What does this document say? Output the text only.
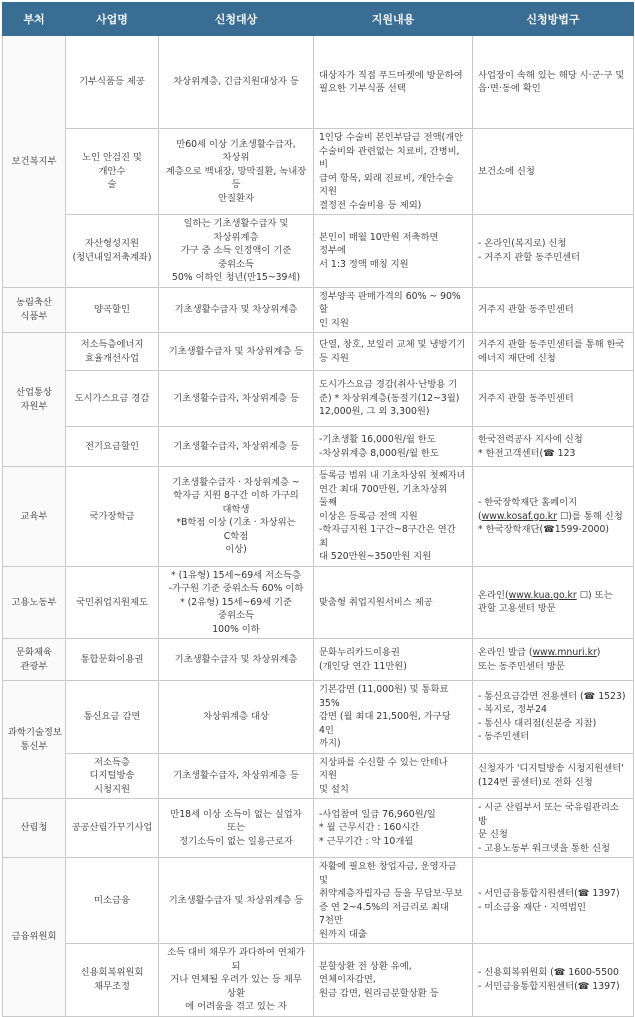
부처	사업명	신청대상	지원내용	신청방법구

보건복지부	기부식품등 제공	차상위계층, 긴급지원대상자 등	대상자가 직접 푸드마켓에 방문하여
필요한 기부식품 선택	사업장이 속해 있는 해당 시·군·구 및
읍·면·동에 확인

	노인 안검진 및 개안수
술	만60세 이상 기초생활수급자, 차상위
계층으로 백내장, 망막질환, 녹내장 등
안질환자	1인당 수술비 본인부담금 전액(개안
수술비와 관련없는 치료비, 간병비, 비
급여 항목, 외래 진료비, 개안수술 지원
결정전 수술비용 등 제외)	보건소에 신청

	자산형성지원
(청년내일저축계좌)	일하는 기초생활수급자 및 차상위계층
가구 중 소득 인정액이 기준 중위소득
50% 이하인 청년(만15~39세)	본인이 매월 10만원 저축하면 정부에
서 1:3 정액 매칭 지원	- 온라인(복지로) 신청
- 거주지 관할 동주민센터

농림축산
식품부	양곡할인	기초생활수급자 및 차상위계층	정부양곡 판매가격의 60% ~ 90% 할
인 지원	거주지 관할 동주민센터

산업통상
자원부	저소득층에너지
효율개선사업	기초생활수급자 및 차상위계층 등	단열, 창호, 보일러 교체 및 냉방기기
등 지원	거주지 관할 동주민센터를 통해 한국
에너지 재단에 신청

	도시가스요금 경감	기초생활수급자, 차상위계층 등	도시가스요금 경감(취사·난방용 기
준) * 차상위계층(동절기(12~3월)
12,000원, 그 외 3,300원)	거주지 관할 동주민센터

	전기요금할인	기초생활수급자, 차상위계층 등	-기초생활 16,000원/월 한도
-차상위계층 8,000원/월 한도	한국전력공사 지사에 신청
* 한전고객센터(☎ 123

교육부	국가장학금	기초생활수급자 · 차상위계층 ~
학자금 지원 8구간 이하 가구의 대학생
*B학점 이상 (기초 · 차상위는 C학점
이상)	등록금 범위 내 기초차상위 첫째자녀
연간 최대 700만원, 기초차상위 둘째
이상은 등록금 전액 지원
-학자금지원 1구간~8구간은 연간 최
대 520만원~350만원 지원	- 한국장학재단 홈페이지
(www.kosaf.go.kr ☐)를 통해 신청
* 한국장학재단(☎1599-2000)

고용노동부	국민취업지원제도	* (1유형) 15세~69세 저소득층
-가구원 기준 중위소득 60% 이하
* (2유형) 15세~69세 기준 중위소득
100% 이하	맞춤형 취업지원서비스 제공	온라인(www.kua.go.kr ☐) 또는
관할 고용센터 방문

문화체육
관광부	통합문화이용권	기초생활수급자 및 차상위계층	문화누리카드이용권
(개인당 연간 11만원)	온라인 발급 (www.mnuri.kr)
또는 동주민센터 방문

과학기술정보
통신부	통신요금 감면	차상위계층 대상	기본감면 (11,000원) 및 통화료 35%
감면 (월 최대 21,500원, 가구당 4인
까지)	- 통신요금감면 전용센터 (☎ 1523)
- 복지로, 정부24
- 통신사 대리점(신분증 지참)
- 동주민센터

	저소득층 디지털방송
시청지원	기초생활수급자, 차상위계층 등	지상파를 수신할 수 있는 안테나 지원
및 설치	신청자가 '디지털방송 시청지원센터'
(124번 콜센터)로 전화 신청

산림청	공공산림가꾸기사업	만18세 이상 소득이 없는 실업자 또는
정기소득이 없는 일용근로자	-사업참여 일급 76,960원/일
* 월 근무시간 : 160시간
* 근무기간 : 약 10개월	- 시군 산림부서 또는 국유림관리소 방
문 신청
- 고용노동부 워크넷을 통한 신청

금융위원회	미소금융	기초생활수급자 및 차상위계층 등	자활에 필요한 창업자금, 운영자금 및
취약계층자립자금 등을 무담보·무보
증 연 2~4.5%의 저금리로 최대 7천만
원까지 대출	- 서민금융통합지원센터(☎ 1397)
- 미소금융 재단 · 지역법인

	신용회복위원회
채무조정	소득 대비 채무가 과다하여 연체가 되
거나 연체될 우려가 있는 등 채무 상환
에 어려움을 겪고 있는 자	분할상환 전 상환 유예, 연체이자감면,
원금 감면, 원리금분할상환 등	- 신용회복위원회 (☎ 1600-5500
- 서민금융통합지원센터(☎ 1397)
